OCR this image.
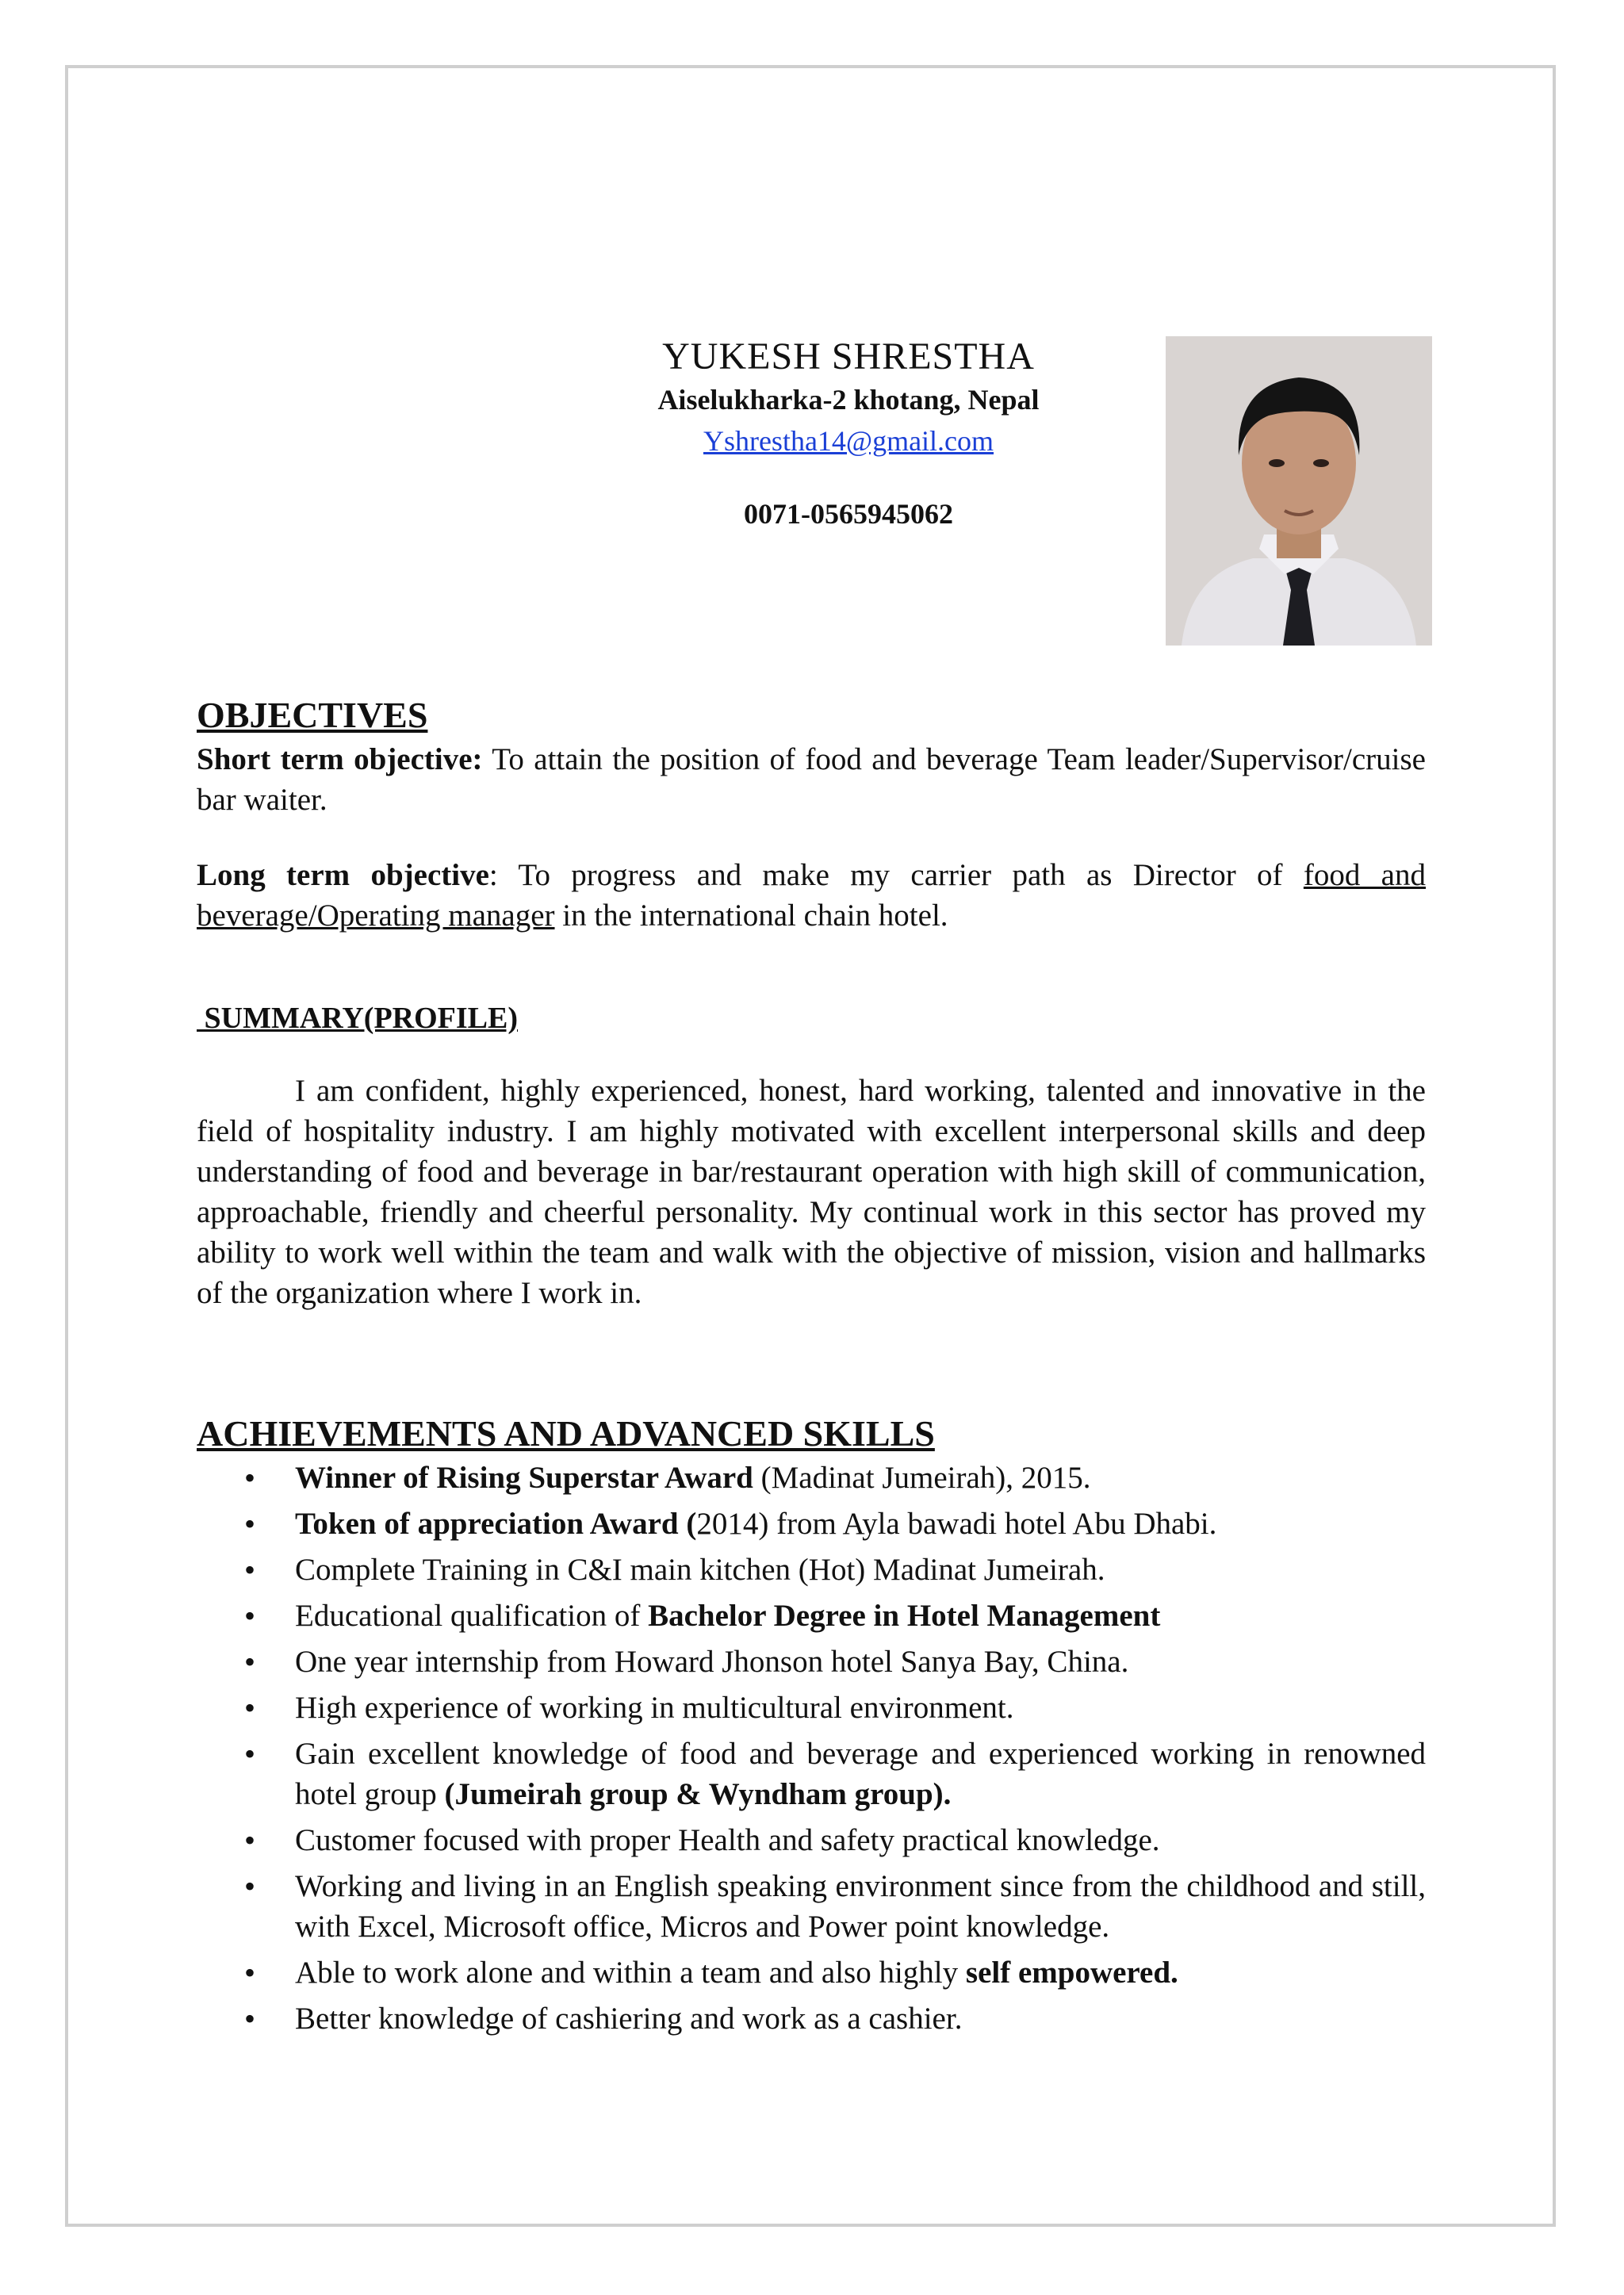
YUKESH SHRESTHA
Aiselukharka-2 khotang, Nepal
Yshrestha14@gmail.com
0071-0565945062
OBJECTIVES

Short term objective: To attain the position of food and beverage Team leader/Supervisor/cruise bar waiter.

Long term objective: To progress and make my carrier path as Director of food and beverage/Operating manager in the international chain hotel.

SUMMARY(PROFILE)

I am confident, highly experienced, honest, hard working, talented and innovative in the field of hospitality industry. I am highly motivated with excellent interpersonal skills and deep understanding of food and beverage in bar/restaurant operation with high skill of communication, approachable, friendly and cheerful personality. My continual work in this sector has proved my ability to work well within the team and walk with the objective of mission, vision and hallmarks of the organization where I work in.

ACHIEVEMENTS AND ADVANCED SKILLS
• Winner of Rising Superstar Award (Madinat Jumeirah), 2015.
• Token of appreciation Award (2014) from Ayla bawadi hotel Abu Dhabi.
• Complete Training in C&I main kitchen (Hot) Madinat Jumeirah.
• Educational qualification of Bachelor Degree in Hotel Management
• One year internship from Howard Jhonson hotel Sanya Bay, China.
• High experience of working in multicultural environment.
• Gain excellent knowledge of food and beverage and experienced working in renowned hotel group (Jumeirah group & Wyndham group).
• Customer focused with proper Health and safety practical knowledge.
• Working and living in an English speaking environment since from the childhood and still, with Excel, Microsoft office, Micros and Power point knowledge.
• Able to work alone and within a team and also highly self empowered.
• Better knowledge of cashiering and work as a cashier.
